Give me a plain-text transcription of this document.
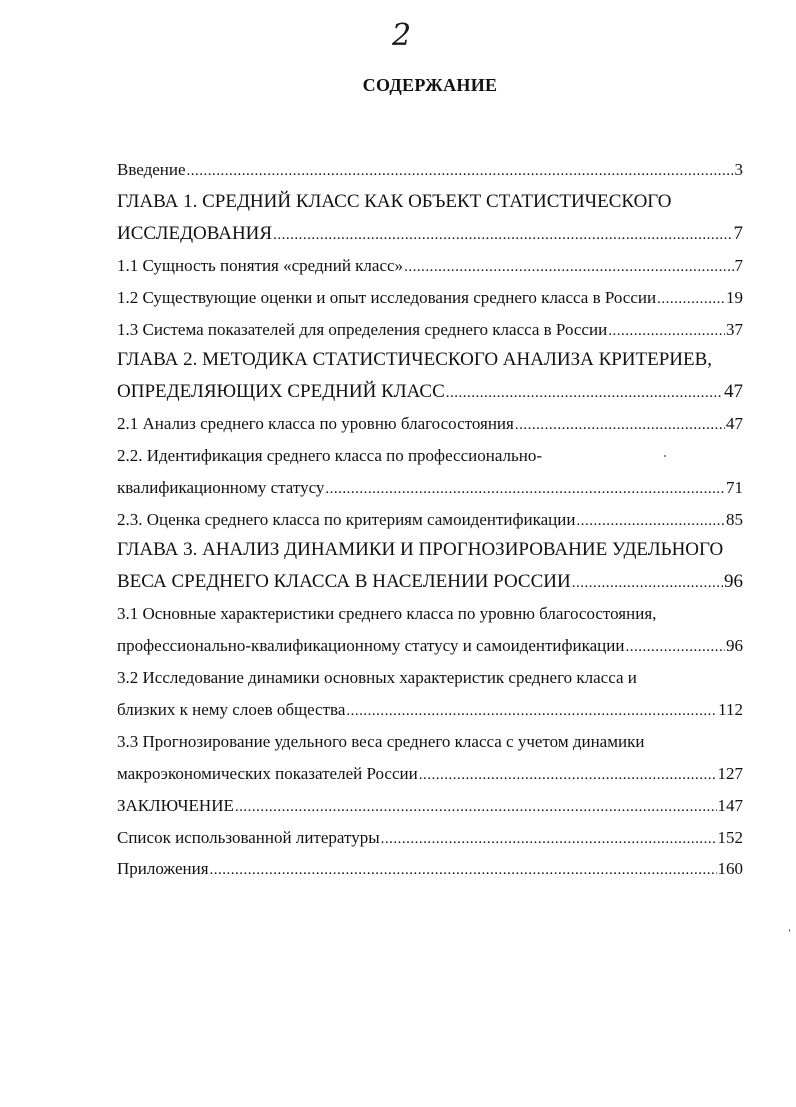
2
СОДЕРЖАНИЕ
Введение .....	3
ГЛАВА 1. СРЕДНИЙ КЛАСС КАК ОБЪЕКТ СТАТИСТИЧЕСКОГО
ИССЛЕДОВАНИЯ .....	7
1.1 Сущность понятия «средний класс» .....	7
1.2 Существующие оценки и опыт исследования среднего класса в России .....	19
1.3 Система показателей для определения среднего класса в России .....	37
ГЛАВА 2. МЕТОДИКА СТАТИСТИЧЕСКОГО АНАЛИЗА КРИТЕРИЕВ,
ОПРЕДЕЛЯЮЩИХ СРЕДНИЙ КЛАСС .....	47
2.1 Анализ среднего класса по уровню благосостояния .....	47
2.2. Идентификация среднего класса по профессионально-
квалификационному статусу .....	71
2.3. Оценка среднего класса по критериям самоидентификации .....	85
ГЛАВА 3. АНАЛИЗ ДИНАМИКИ И ПРОГНОЗИРОВАНИЕ УДЕЛЬНОГО
ВЕСА СРЕДНЕГО КЛАССА В НАСЕЛЕНИИ РОССИИ .....	96
3.1 Основные характеристики среднего класса по уровню благосостояния,
профессионально-квалификационному статусу и самоидентификации .....	96
3.2 Исследование динамики основных характеристик среднего класса и
близких к нему слоев общества .....	112
3.3 Прогнозирование удельного веса среднего класса с учетом динамики
макроэкономических показателей России .....	127
ЗАКЛЮЧЕНИЕ .....	147
Список использованной литературы .....	152
Приложения .....	160
